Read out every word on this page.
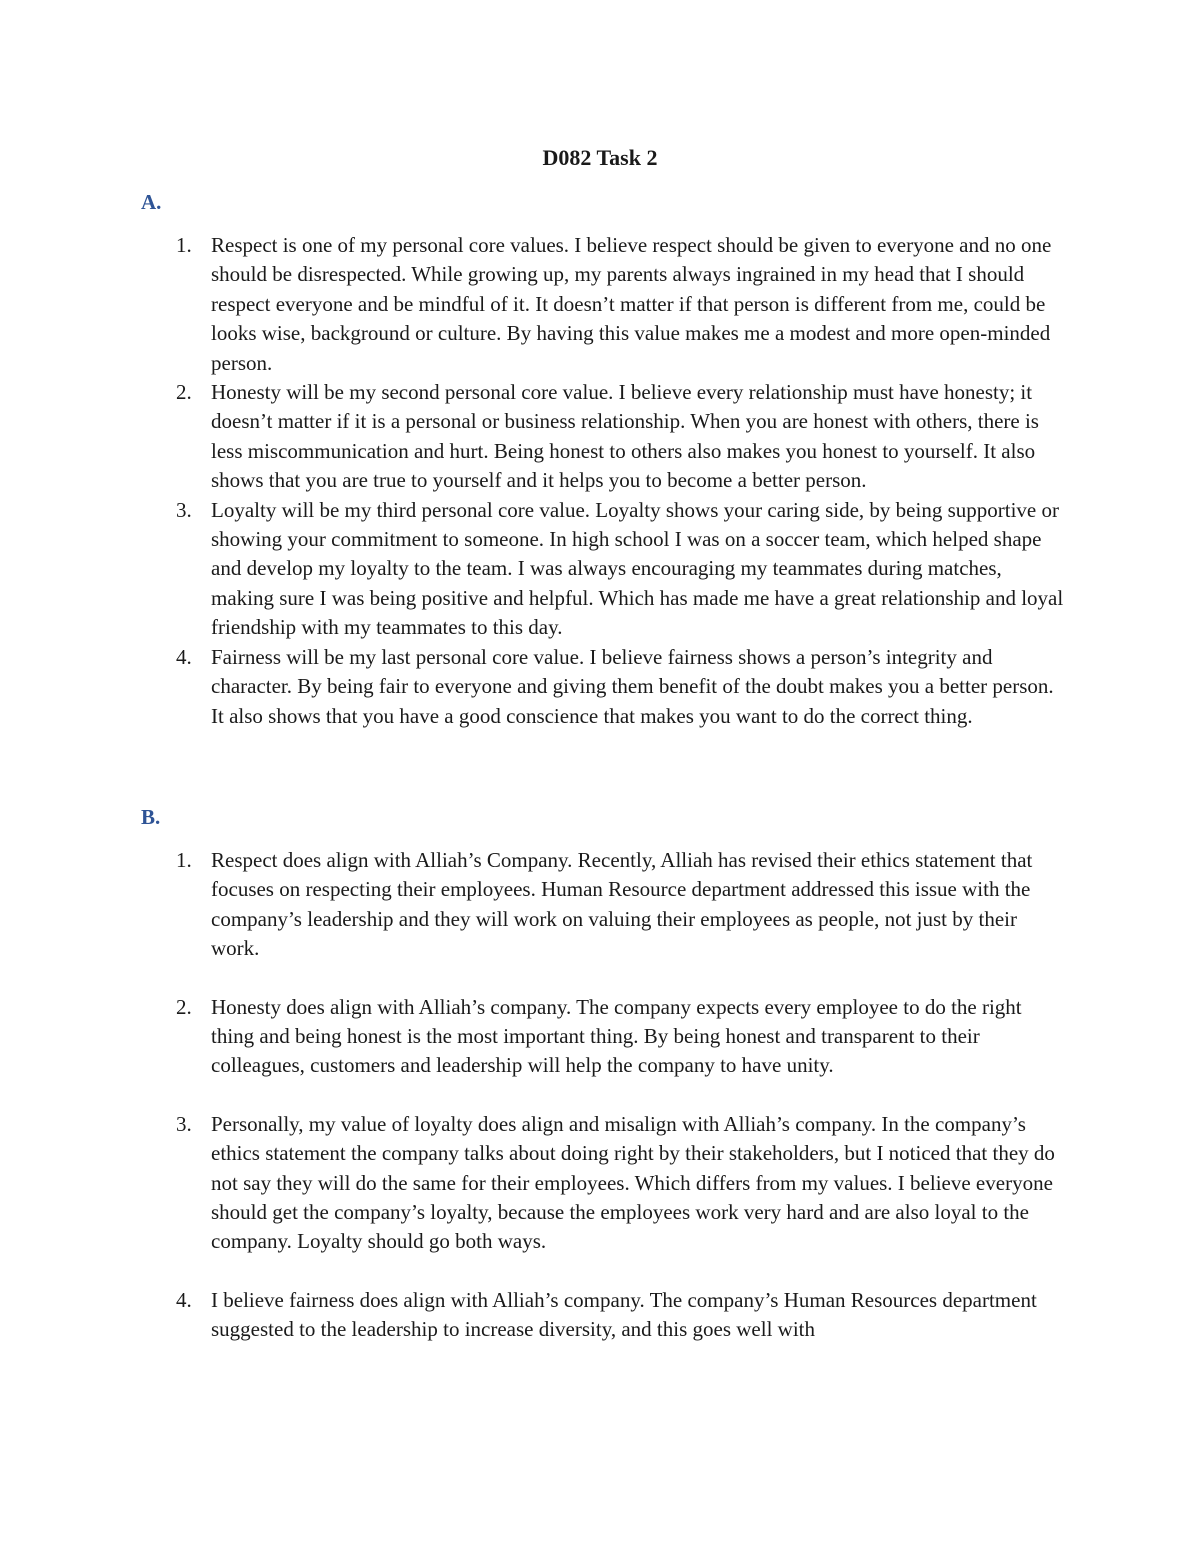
D082 Task 2
A.
1. Respect is one of my personal core values. I believe respect should be given to everyone and no one should be disrespected. While growing up, my parents always ingrained in my head that I should respect everyone and be mindful of it. It doesn’t matter if that person is different from me, could be looks wise, background or culture. By having this value makes me a modest and more open-minded person.
2. Honesty will be my second personal core value. I believe every relationship must have honesty; it doesn’t matter if it is a personal or business relationship. When you are honest with others, there is less miscommunication and hurt. Being honest to others also makes you honest to yourself. It also shows that you are true to yourself and it helps you to become a better person.
3. Loyalty will be my third personal core value. Loyalty shows your caring side, by being supportive or showing your commitment to someone. In high school I was on a soccer team, which helped shape and develop my loyalty to the team. I was always encouraging my teammates during matches, making sure I was being positive and helpful. Which has made me have a great relationship and loyal friendship with my teammates to this day.
4. Fairness will be my last personal core value. I believe fairness shows a person’s integrity and character. By being fair to everyone and giving them benefit of the doubt makes you a better person. It also shows that you have a good conscience that makes you want to do the correct thing.
B.
1. Respect does align with Alliah’s Company. Recently, Alliah has revised their ethics statement that focuses on respecting their employees. Human Resource department addressed this issue with the company’s leadership and they will work on valuing their employees as people, not just by their work.
2. Honesty does align with Alliah’s company. The company expects every employee to do the right thing and being honest is the most important thing. By being honest and transparent to their colleagues, customers and leadership will help the company to have unity.
3. Personally, my value of loyalty does align and misalign with Alliah’s company. In the company’s ethics statement the company talks about doing right by their stakeholders, but I noticed that they do not say they will do the same for their employees. Which differs from my values. I believe everyone should get the company’s loyalty, because the employees work very hard and are also loyal to the company. Loyalty should go both ways.
4. I believe fairness does align with Alliah’s company. The company’s Human Resources department suggested to the leadership to increase diversity, and this goes well with
